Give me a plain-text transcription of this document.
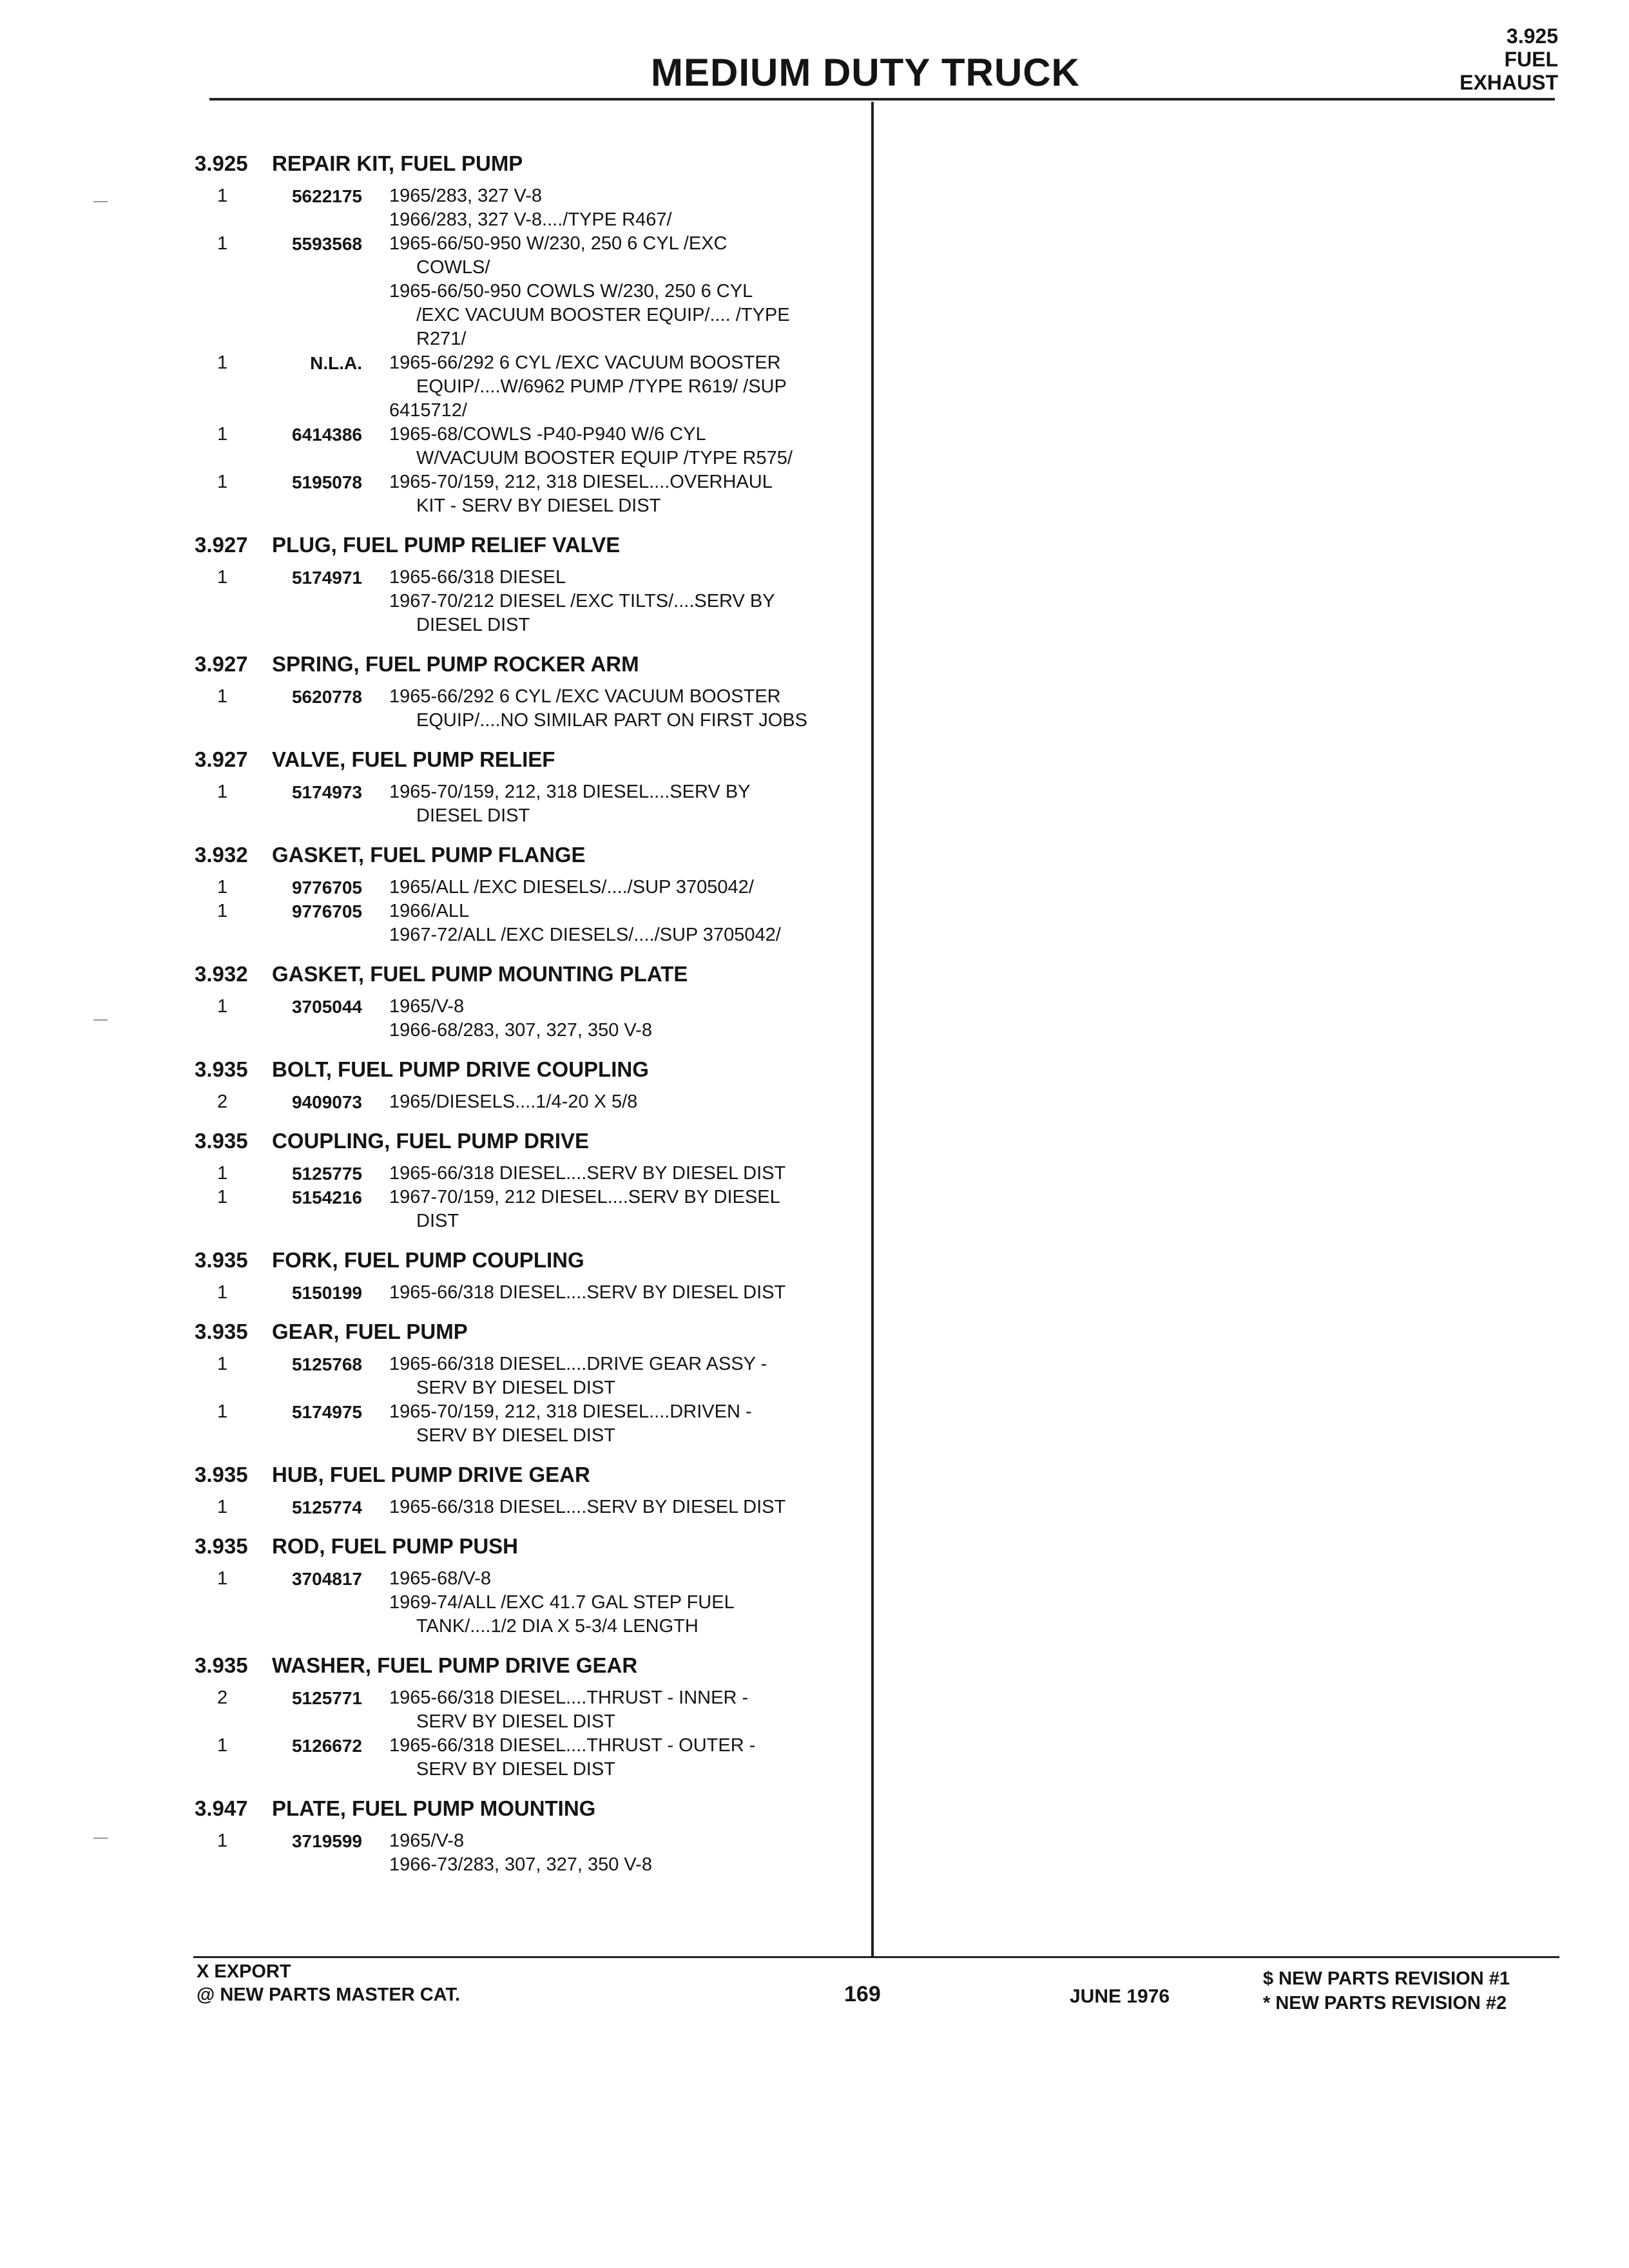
MEDIUM DUTY TRUCK
3.925
FUEL
EXHAUST
3.925 REPAIR KIT, FUEL PUMP
1	5622175	1965/283, 327 V-8
1966/283, 327 V-8..../TYPE R467/
1	5593568	1965-66/50-950 W/230, 250 6 CYL /EXC
COWLS/
1965-66/50-950 COWLS W/230, 250 6 CYL
/EXC VACUUM BOOSTER EQUIP/.... /TYPE
R271/
1	N.L.A.	1965-66/292 6 CYL /EXC VACUUM BOOSTER
EQUIP/....W/6962 PUMP /TYPE R619/ /SUP
6415712/
1	6414386	1965-68/COWLS -P40-P940 W/6 CYL
W/VACUUM BOOSTER EQUIP /TYPE R575/
1	5195078	1965-70/159, 212, 318 DIESEL....OVERHAUL
KIT - SERV BY DIESEL DIST
3.927 PLUG, FUEL PUMP RELIEF VALVE
1	5174971	1965-66/318 DIESEL
1967-70/212 DIESEL /EXC TILTS/....SERV BY
DIESEL DIST
3.927 SPRING, FUEL PUMP ROCKER ARM
1	5620778	1965-66/292 6 CYL /EXC VACUUM BOOSTER
EQUIP/....NO SIMILAR PART ON FIRST JOBS
3.927 VALVE, FUEL PUMP RELIEF
1	5174973	1965-70/159, 212, 318 DIESEL....SERV BY
DIESEL DIST
3.932 GASKET, FUEL PUMP FLANGE
1	9776705	1965/ALL /EXC DIESELS/..../SUP 3705042/
1	9776705	1966/ALL
1967-72/ALL /EXC DIESELS/..../SUP 3705042/
3.932 GASKET, FUEL PUMP MOUNTING PLATE
1	3705044	1965/V-8
1966-68/283, 307, 327, 350 V-8
3.935 BOLT, FUEL PUMP DRIVE COUPLING
2	9409073	1965/DIESELS....1/4-20 X 5/8
3.935 COUPLING, FUEL PUMP DRIVE
1	5125775	1965-66/318 DIESEL....SERV BY DIESEL DIST
1	5154216	1967-70/159, 212 DIESEL....SERV BY DIESEL
DIST
3.935 FORK, FUEL PUMP COUPLING
1	5150199	1965-66/318 DIESEL....SERV BY DIESEL DIST
3.935 GEAR, FUEL PUMP
1	5125768	1965-66/318 DIESEL....DRIVE GEAR ASSY -
SERV BY DIESEL DIST
1	5174975	1965-70/159, 212, 318 DIESEL....DRIVEN -
SERV BY DIESEL DIST
3.935 HUB, FUEL PUMP DRIVE GEAR
1	5125774	1965-66/318 DIESEL....SERV BY DIESEL DIST
3.935 ROD, FUEL PUMP PUSH
1	3704817	1965-68/V-8
1969-74/ALL /EXC 41.7 GAL STEP FUEL
TANK/....1/2 DIA X 5-3/4 LENGTH
3.935 WASHER, FUEL PUMP DRIVE GEAR
2	5125771	1965-66/318 DIESEL....THRUST - INNER -
SERV BY DIESEL DIST
1	5126672	1965-66/318 DIESEL....THRUST - OUTER -
SERV BY DIESEL DIST
3.947 PLATE, FUEL PUMP MOUNTING
1	3719599	1965/V-8
1966-73/283, 307, 327, 350 V-8
X EXPORT
@ NEW PARTS MASTER CAT.	169	JUNE 1976
$ NEW PARTS REVISION #1
* NEW PARTS REVISION #2
